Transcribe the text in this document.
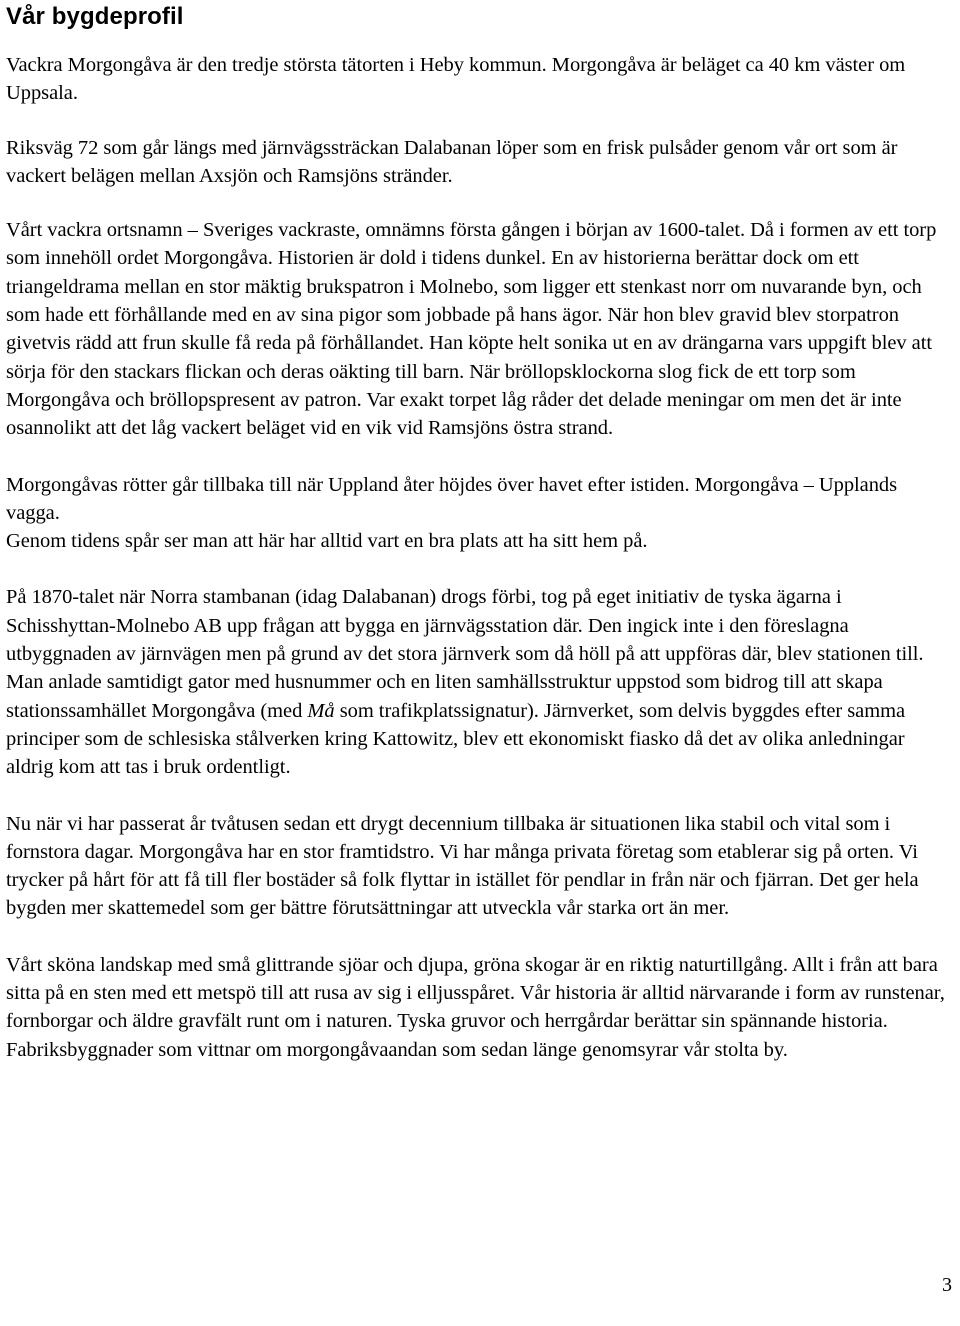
Vår bygdeprofil

Vackra Morgongåva är den tredje största tätorten i Heby kommun. Morgongåva är beläget ca 40 km väster om Uppsala.

Riksväg 72 som går längs med järnvägssträckan Dalabanan löper som en frisk pulsåder genom vår ort som är vackert belägen mellan Axsjön och Ramsjöns stränder.

Vårt vackra ortsnamn – Sveriges vackraste, omnämns första gången i början av 1600-talet. Då i formen av ett torp som innehöll ordet Morgongåva. Historien är dold i tidens dunkel. En av historierna berättar dock om ett triangeldrama mellan en stor mäktig brukspatron i Molnebo, som ligger ett stenkast norr om nuvarande byn, och som hade ett förhållande med en av sina pigor som jobbade på hans ägor. När hon blev gravid blev storpatron givetvis rädd att frun skulle få reda på förhållandet. Han köpte helt sonika ut en av drängarna vars uppgift blev att sörja för den stackars flickan och deras oäkting till barn. När bröllopsklockorna slog fick de ett torp som Morgongåva och bröllopspresent av patron. Var exakt torpet låg råder det delade meningar om men det är inte osannolikt att det låg vackert beläget vid en vik vid Ramsjöns östra strand.

Morgongåvas rötter går tillbaka till när Uppland åter höjdes över havet efter istiden. Morgongåva – Upplands vagga.

Genom tidens spår ser man att här har alltid vart en bra plats att ha sitt hem på.

På 1870-talet när Norra stambanan (idag Dalabanan) drogs förbi, tog på eget initiativ de tyska ägarna i Schisshyttan-Molnebo AB upp frågan att bygga en järnvägsstation där. Den ingick inte i den föreslagna utbyggnaden av järnvägen men på grund av det stora järnverk som då höll på att uppföras där, blev stationen till. Man anlade samtidigt gator med husnummer och en liten samhällsstruktur uppstod som bidrog till att skapa stationssamhället Morgongåva (med Må som trafikplatssignatur). Järnverket, som delvis byggdes efter samma principer som de schlesiska stålverken kring Kattowitz, blev ett ekonomiskt fiasko då det av olika anledningar aldrig kom att tas i bruk ordentligt.

Nu när vi har passerat år tvåtusen sedan ett drygt decennium tillbaka är situationen lika stabil och vital som i fornstora dagar. Morgongåva har en stor framtidstro. Vi har många privata företag som etablerar sig på orten. Vi trycker på hårt för att få till fler bostäder så folk flyttar in istället för pendlar in från när och fjärran. Det ger hela bygden mer skattemedel som ger bättre förutsättningar att utveckla vår starka ort än mer.

Vårt sköna landskap med små glittrande sjöar och djupa, gröna skogar är en riktig naturtillgång. Allt i från att bara sitta på en sten med ett metspö till att rusa av sig i elljusspåret. Vår historia är alltid närvarande i form av runstenar, fornborgar och äldre gravfält runt om i naturen. Tyska gruvor och herrgårdar berättar sin spännande historia. Fabriksbyggnader som vittnar om morgongåvaandan som sedan länge genomsyrar vår stolta by.

3
